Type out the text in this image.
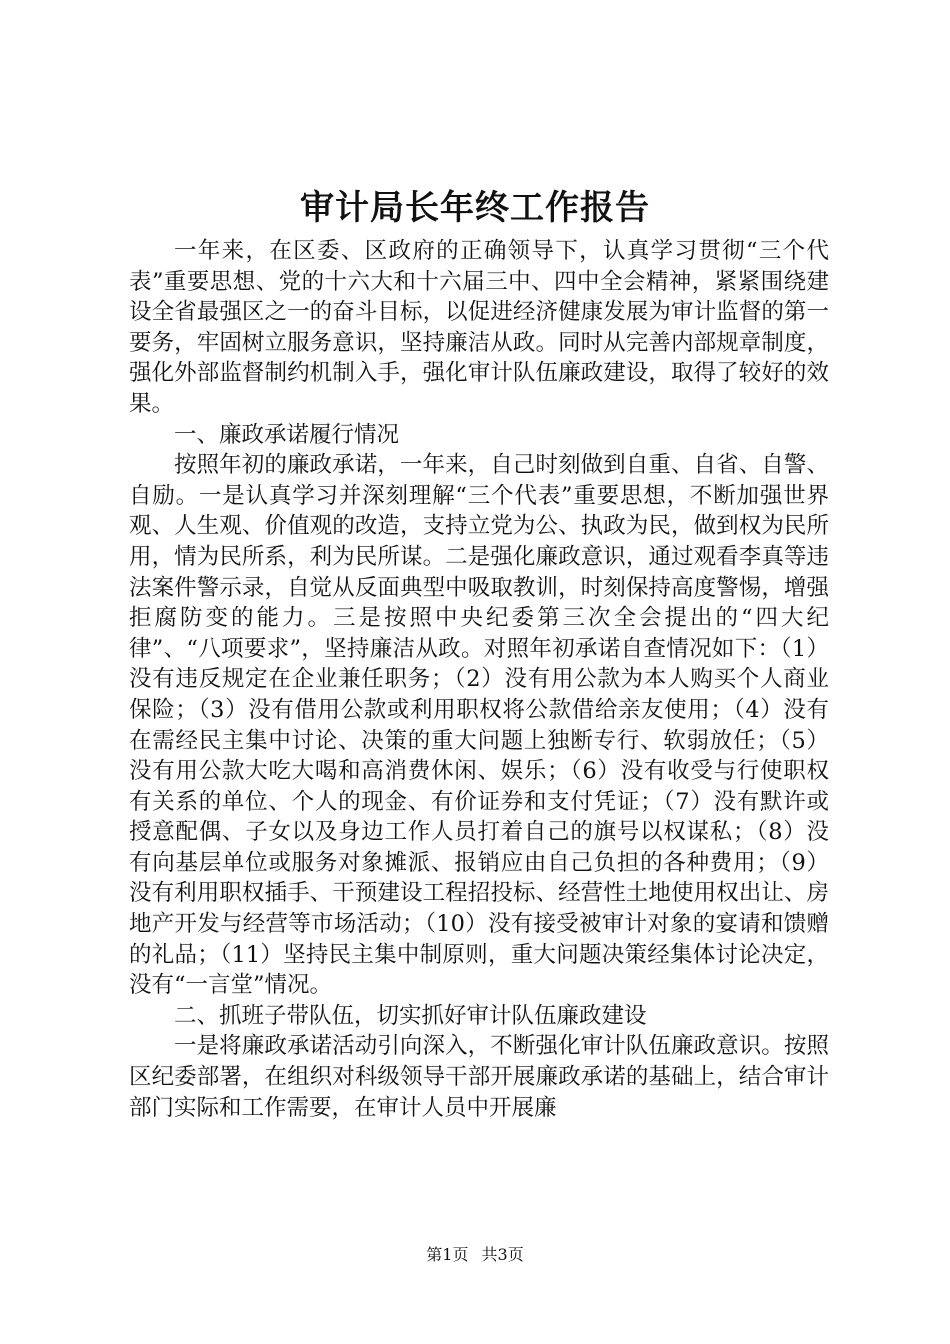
审计局长年终工作报告

一年来，在区委、区政府的正确领导下，认真学习贯彻“三个代表”重要思想、党的十六大和十六届三中、四中全会精神，紧紧围绕建设全省最强区之一的奋斗目标，以促进经济健康发展为审计监督的第一要务，牢固树立服务意识，坚持廉洁从政。同时从完善内部规章制度，强化外部监督制约机制入手，强化审计队伍廉政建设，取得了较好的效果。

一、廉政承诺履行情况

按照年初的廉政承诺，一年来，自己时刻做到自重、自省、自警、自励。一是认真学习并深刻理解“三个代表”重要思想，不断加强世界观、人生观、价值观的改造，支持立党为公、执政为民，做到权为民所用，情为民所系，利为民所谋。二是强化廉政意识，通过观看李真等违法案件警示录，自觉从反面典型中吸取教训，时刻保持高度警惕，增强拒腐防变的能力。三是按照中央纪委第三次全会提出的“四大纪律”、“八项要求”，坚持廉洁从政。对照年初承诺自查情况如下：（1）没有违反规定在企业兼任职务；（2）没有用公款为本人购买个人商业保险；（3）没有借用公款或利用职权将公款借给亲友使用；（4）没有在需经民主集中讨论、决策的重大问题上独断专行、软弱放任；（5）没有用公款大吃大喝和高消费休闲、娱乐；（6）没有收受与行使职权有关系的单位、个人的现金、有价证券和支付凭证；（7）没有默许或授意配偶、子女以及身边工作人员打着自己的旗号以权谋私；（8）没有向基层单位或服务对象摊派、报销应由自己负担的各种费用；（9）没有利用职权插手、干预建设工程招投标、经营性土地使用权出让、房地产开发与经营等市场活动；（10）没有接受被审计对象的宴请和馈赠的礼品；（11）坚持民主集中制原则，重大问题决策经集体讨论决定，没有“一言堂”情况。

二、抓班子带队伍，切实抓好审计队伍廉政建设

一是将廉政承诺活动引向深入，不断强化审计队伍廉政意识。按照区纪委部署，在组织对科级领导干部开展廉政承诺的基础上，结合审计部门实际和工作需要，在审计人员中开展廉

第1页 共3页
